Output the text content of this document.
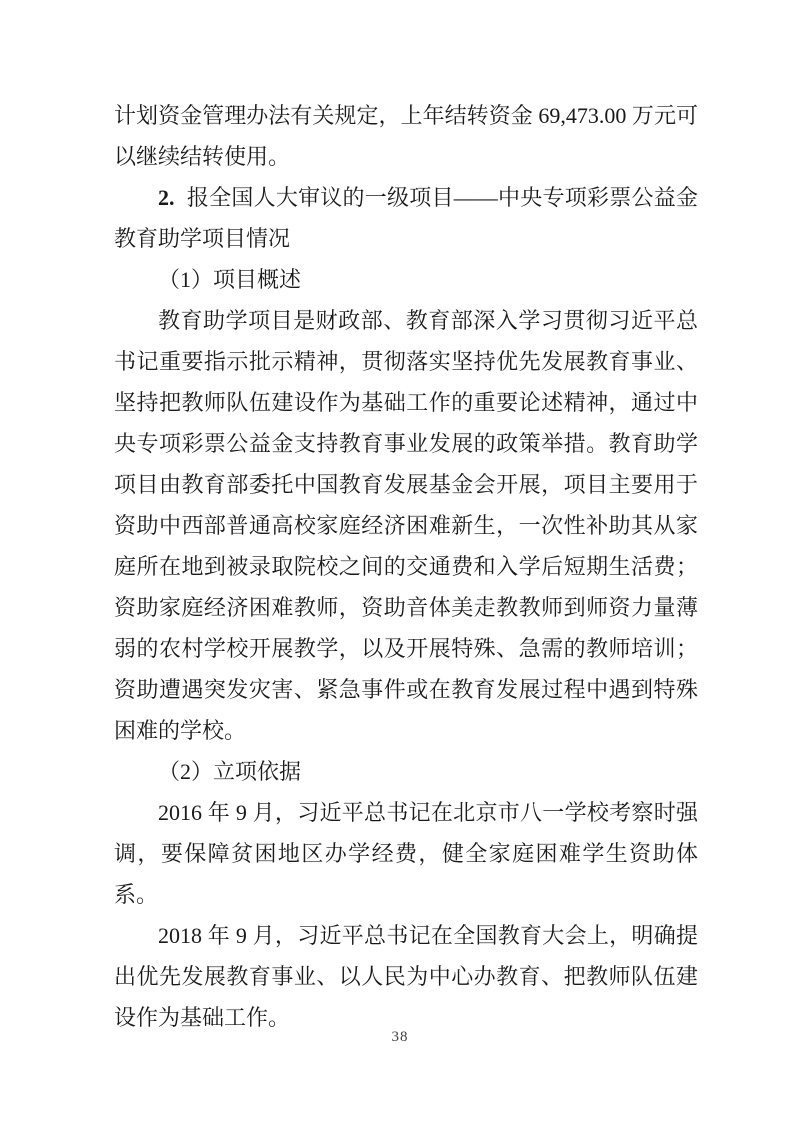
计划资金管理办法有关规定，上年结转资金 69,473.00 万元可以继续结转使用。

2. 报全国人大审议的一级项目——中央专项彩票公益金教育助学项目情况

（1）项目概述

教育助学项目是财政部、教育部深入学习贯彻习近平总书记重要指示批示精神，贯彻落实坚持优先发展教育事业、坚持把教师队伍建设作为基础工作的重要论述精神，通过中央专项彩票公益金支持教育事业发展的政策举措。教育助学项目由教育部委托中国教育发展基金会开展，项目主要用于资助中西部普通高校家庭经济困难新生，一次性补助其从家庭所在地到被录取院校之间的交通费和入学后短期生活费；资助家庭经济困难教师，资助音体美走教教师到师资力量薄弱的农村学校开展教学，以及开展特殊、急需的教师培训；资助遭遇突发灾害、紧急事件或在教育发展过程中遇到特殊困难的学校。

（2）立项依据

2016 年 9 月，习近平总书记在北京市八一学校考察时强调，要保障贫困地区办学经费，健全家庭困难学生资助体系。

2018 年 9 月，习近平总书记在全国教育大会上，明确提出优先发展教育事业、以人民为中心办教育、把教师队伍建设作为基础工作。

38
